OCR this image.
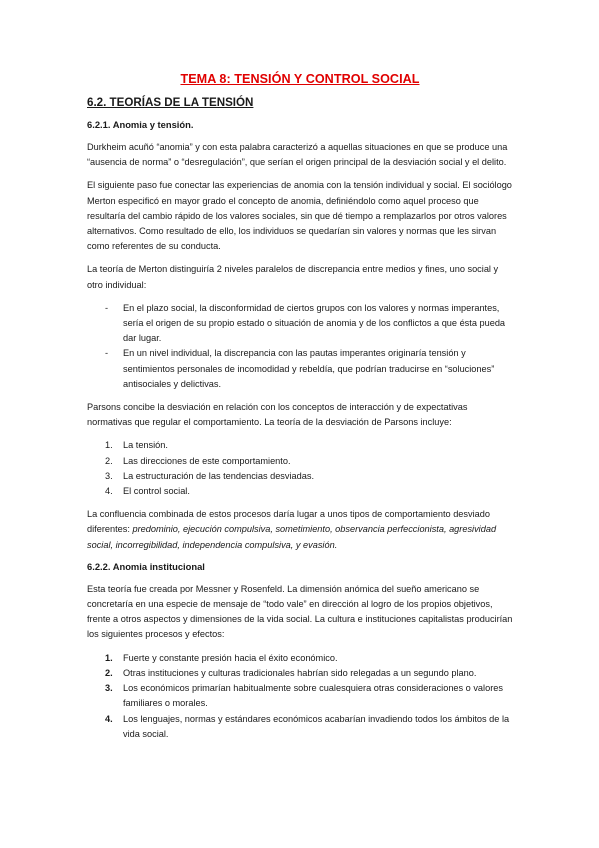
TEMA 8: TENSIÓN Y CONTROL SOCIAL
6.2. TEORÍAS DE LA TENSIÓN
6.2.1. Anomia y tensión.

Durkheim acuñó “anomia” y con esta palabra caracterizó a aquellas situaciones en que se produce una “ausencia de norma” o “desregulación”, que serían el origen principal de la desviación social y el delito.

El siguiente paso fue conectar las experiencias de anomia con la tensión individual y social. El sociólogo Merton especificó en mayor grado el concepto de anomia, definiéndolo como aquel proceso que resultaría del cambio rápido de los valores sociales, sin que dé tiempo a remplazarlos por otros valores alternativos. Como resultado de ello, los individuos se quedarían sin valores y normas que les sirvan como referentes de su conducta.

La teoría de Merton distinguiría 2 niveles paralelos de discrepancia entre medios y fines, uno social y otro individual:

- En el plazo social, la disconformidad de ciertos grupos con los valores y normas imperantes, sería el origen de su propio estado o situación de anomia y de los conflictos a que ésta pueda dar lugar.
- En un nivel individual, la discrepancia con las pautas imperantes originaría tensión y sentimientos personales de incomodidad y rebeldía, que podrían traducirse en “soluciones” antisociales y delictivas.

Parsons concibe la desviación en relación con los conceptos de interacción y de expectativas normativas que regular el comportamiento. La teoría de la desviación de Parsons incluye:

1. La tensión.
2. Las direcciones de este comportamiento.
3. La estructuración de las tendencias desviadas.
4. El control social.

La confluencia combinada de estos procesos daría lugar a unos tipos de comportamiento desviado diferentes: predominio, ejecución compulsiva, sometimiento, observancia perfeccionista, agresividad social, incorregibilidad, independencia compulsiva, y evasión.

6.2.2. Anomia institucional

Esta teoría fue creada por Messner y Rosenfeld. La dimensión anómica del sueño americano se concretaría en una especie de mensaje de “todo vale” en dirección al logro de los propios objetivos, frente a otros aspectos y dimensiones de la vida social. La cultura e instituciones capitalistas producirían los siguientes procesos y efectos:

1. Fuerte y constante presión hacia el éxito económico.
2. Otras instituciones y culturas tradicionales habrían sido relegadas a un segundo plano.
3. Los económicos primarían habitualmente sobre cualesquiera otras consideraciones o valores familiares o morales.
4. Los lenguajes, normas y estándares económicos acabarían invadiendo todos los ámbitos de la vida social.
